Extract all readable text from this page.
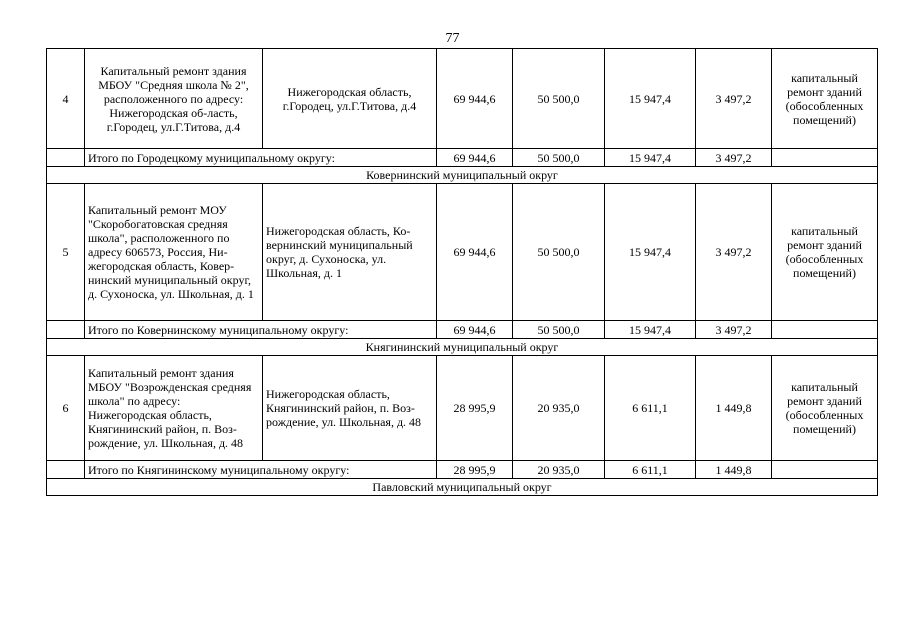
77
4	Капитальный ремонт здания МБОУ "Средняя школа № 2", расположенного по адресу: Нижегородская об-ласть, г.Городец, ул.Г.Титова, д.4	Нижегородская область, г.Городец, ул.Г.Титова, д.4	69 944,6	50 500,0	15 947,4	3 497,2	капитальный ремонт зданий (обособленных помещений)
	Итого по Городецкому муниципальному округу:		69 944,6	50 500,0	15 947,4	3 497,2	
Ковернинский муниципальный округ							
5	Капитальный ремонт МОУ "Скоробогатовская средняя школа", расположенного по адресу 606573, Россия, Ни-жегородская область, Ковер-нинский муниципальный округ, д. Сухоноска, ул. Школьная, д. 1	Нижегородская область, Ко-вернинский муниципальный округ, д. Сухоноска, ул. Школьная, д. 1	69 944,6	50 500,0	15 947,4	3 497,2	капитальный ремонт зданий (обособленных помещений)
	Итого по Ковернинскому муниципальному округу:		69 944,6	50 500,0	15 947,4	3 497,2	
Княгининский муниципальный округ							
6	Капитальный ремонт здания МБОУ "Возрожденская средняя школа" по адресу: Нижегородская область, Княгининский район, п. Воз-рождение, ул. Школьная, д. 48	Нижегородская область, Княгининский район, п. Воз-рождение, ул. Школьная, д. 48	28 995,9	20 935,0	6 611,1	1 449,8	капитальный ремонт зданий (обособленных помещений)
	Итого по Княгининскому муниципальному округу:		28 995,9	20 935,0	6 611,1	1 449,8	
Павловский муниципальный округ							
